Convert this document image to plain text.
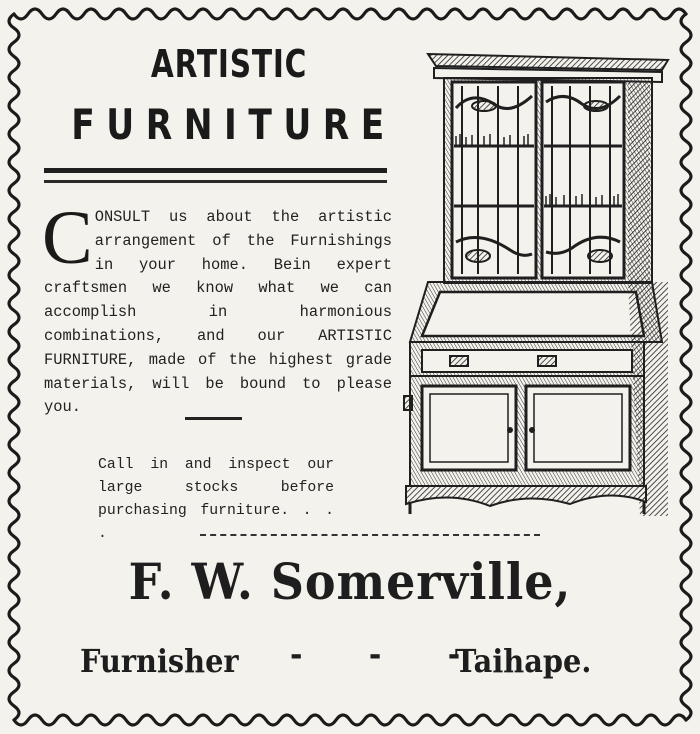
ARTISTIC
FURNITURE
CONSULT us about the artistic arrangement of the Furnishings in your home. Bein expert craftsmen we know what we can accomplish in harmonious combinations, and our ARTISTIC FURNITURE, made of the highest grade materials, will be bound to please you.
Call in and inspect our large stocks before purchasing furniture. . . .
F. W. Somerville,
Furnisher - - -
Taihape.
